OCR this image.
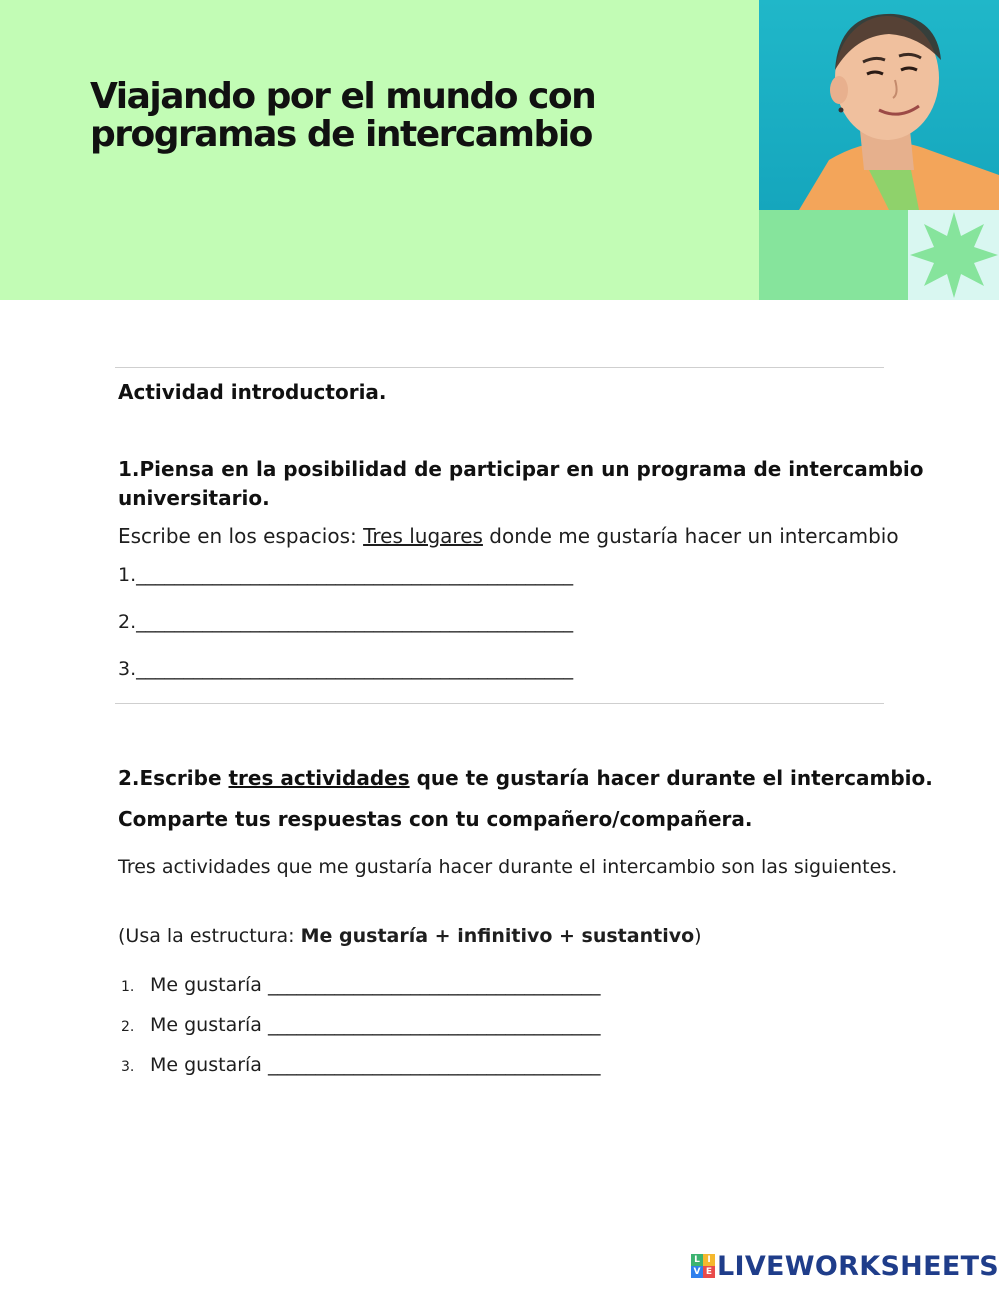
Viajando por el mundo con
programas de intercambio

Actividad introductoria.

1.Piensa en la posibilidad de participar en un programa de intercambio

universitario.

Escribe en los espacios: Tres lugares donde me gustaría hacer un intercambio

1.______________________________________________

2.______________________________________________

3.______________________________________________

2.Escribe tres actividades que te gustaría hacer durante el intercambio.

Comparte tus respuestas con tu compañero/compañera.

Tres actividades que me gustaría hacer durante el intercambio son las siguientes.

(Usa la estructura: Me gustaría + infinitivo + sustantivo)

1. Me gustaría ___________________________________

2. Me gustaría ___________________________________

3. Me gustaría ___________________________________

L I
V E LIVEWORKSHEETS
